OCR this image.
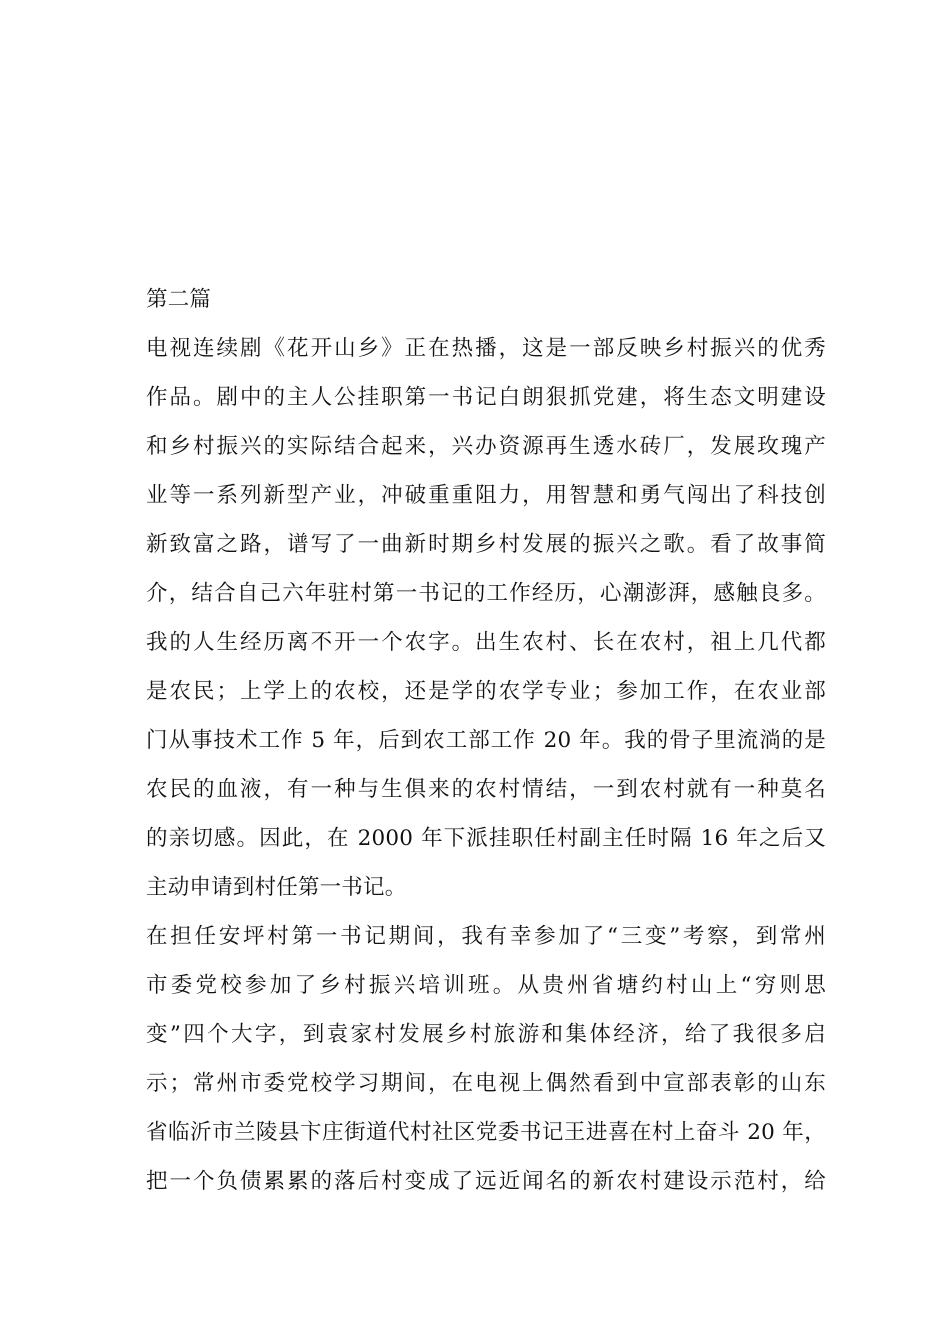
第二篇
电视连续剧《花开山乡》正在热播，这是一部反映乡村振兴的优秀
作品。剧中的主人公挂职第一书记白朗狠抓党建，将生态文明建设
和乡村振兴的实际结合起来，兴办资源再生透水砖厂，发展玫瑰产
业等一系列新型产业，冲破重重阻力，用智慧和勇气闯出了科技创
新致富之路，谱写了一曲新时期乡村发展的振兴之歌。看了故事简
介，结合自己六年驻村第一书记的工作经历，心潮澎湃，感触良多。
我的人生经历离不开一个农字。出生农村、长在农村，祖上几代都
是农民；上学上的农校，还是学的农学专业；参加工作，在农业部
门从事技术工作 5 年，后到农工部工作 20 年。我的骨子里流淌的是
农民的血液，有一种与生俱来的农村情结，一到农村就有一种莫名
的亲切感。因此，在 2000 年下派挂职任村副主任时隔 16 年之后又
主动申请到村任第一书记。
在担任安坪村第一书记期间，我有幸参加了“三变”考察，到常州
市委党校参加了乡村振兴培训班。从贵州省塘约村山上“穷则思
变”四个大字，到袁家村发展乡村旅游和集体经济，给了我很多启
示；常州市委党校学习期间，在电视上偶然看到中宣部表彰的山东
省临沂市兰陵县卞庄街道代村社区党委书记王进喜在村上奋斗 20 年，
把一个负债累累的落后村变成了远近闻名的新农村建设示范村，给
